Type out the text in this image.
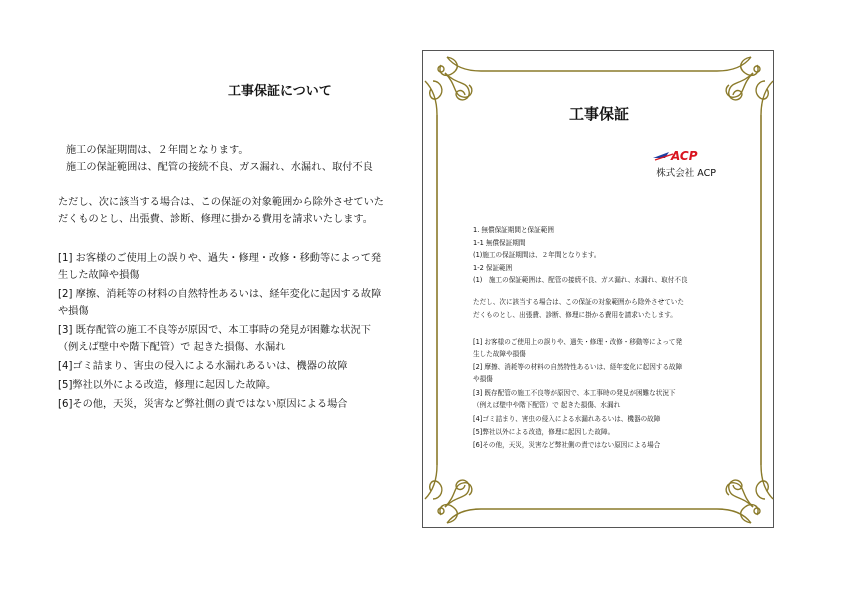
工事保証について
施工の保証期間は、２年間となります。
施工の保証範囲は、配管の接続不良、ガス漏れ、水漏れ、取付不良
ただし、次に該当する場合は、この保証の対象範囲から除外させていた
だくものとし、出張費、診断、修理に掛かる費用を請求いたします。
[1] お客様のご使用上の誤りや、過失・修理・改修・移動等によって発
生した故障や損傷
[2] 摩擦、消耗等の材料の自然特性あるいは、経年変化に起因する故障
や損傷
[3] 既存配管の施工不良等が原因で、本工事時の発見が困難な状況下
（例えば壁中や階下配管）で 起きた損傷、水漏れ
[4]ゴミ詰まり、害虫の侵入による水漏れあるいは、機器の故障
[5]弊社以外による改造，修理に起因した故障。
[6]その他，天災，災害など弊社側の責ではない原因による場合
工事保証
ACP
株式会社 ACP
1. 無償保証期間と保証範囲
1-1 無償保証期間
(1)施工の保証期間は、２年間となります。
1-2 保証範囲
(1)　施工の保証範囲は、配管の接続不良、ガス漏れ、水漏れ、取付不良
ただし、次に該当する場合は、この保証の対象範囲から除外させていた
だくものとし、出張費、診断、修理に掛かる費用を請求いたします。
[1] お客様のご使用上の誤りや、過失・修理・改修・移動等によって発
生した故障や損傷
[2] 摩擦、消耗等の材料の自然特性あるいは、経年変化に起因する故障
や損傷
[3] 既存配管の施工不良等が原因で、本工事時の発見が困難な状況下
（例えば壁中や階下配管）で 起きた損傷、水漏れ
[4]ゴミ詰まり、害虫の侵入による水漏れあるいは、機器の故障
[5]弊社以外による改造，修理に起因した故障。
[6]その他，天災，災害など弊社側の責ではない原因による場合
